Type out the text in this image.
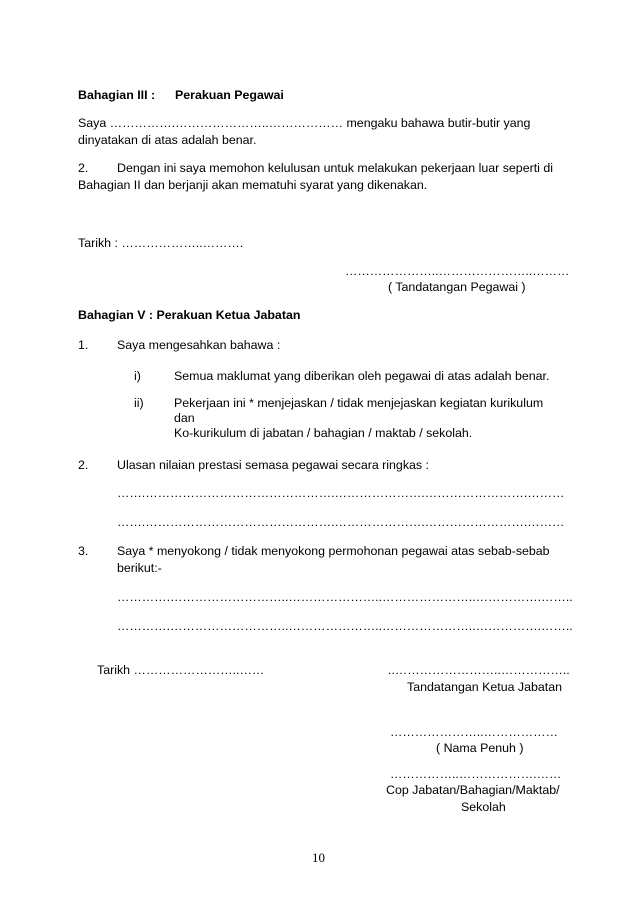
Bahagian III : Perakuan Pegawai
Saya …………….…………………..……………… mengaku bahawa butir-butir yang
dinyatakan di atas adalah benar.
2. Dengan ini saya memohon kelulusan untuk melakukan pekerjaan luar seperti di
Bahagian II dan berjanji akan mematuhi syarat yang dikenakan.
Tarikh : ………………..……….
…………………..…………………..………
( Tandatangan Pegawai )
Bahagian V : Perakuan Ketua Jabatan
1. Saya mengesahkan bahawa :
i)	Semua maklumat yang diberikan oleh pegawai di atas adalah benar.
ii) Pekerjaan ini * menjejaskan / tidak menjejaskan kegiatan kurikulum
dan
Ko-kurikulum di jabatan / bahagian / maktab / sekolah.
2. Ulasan nilaian prestasi semasa pegawai secara ringkas :
…….……………………………………….………………….…………………….………
…….……………………………………….………………….…………………….………
3. Saya * menyokong / tidak menyokong permohonan pegawai atas sebab-sebab
berikut:-
………….………………………..…………………..…………………..…………….……..
………….………………………..…………………..…………………..…………….……..
Tarikh ……………………..……	..……………………..……………..
Tandatangan Ketua Jabatan
…………………..………………
( Nama Penuh )
……………..……………….……
Cop Jabatan/Bahagian/Maktab/
Sekolah
10
